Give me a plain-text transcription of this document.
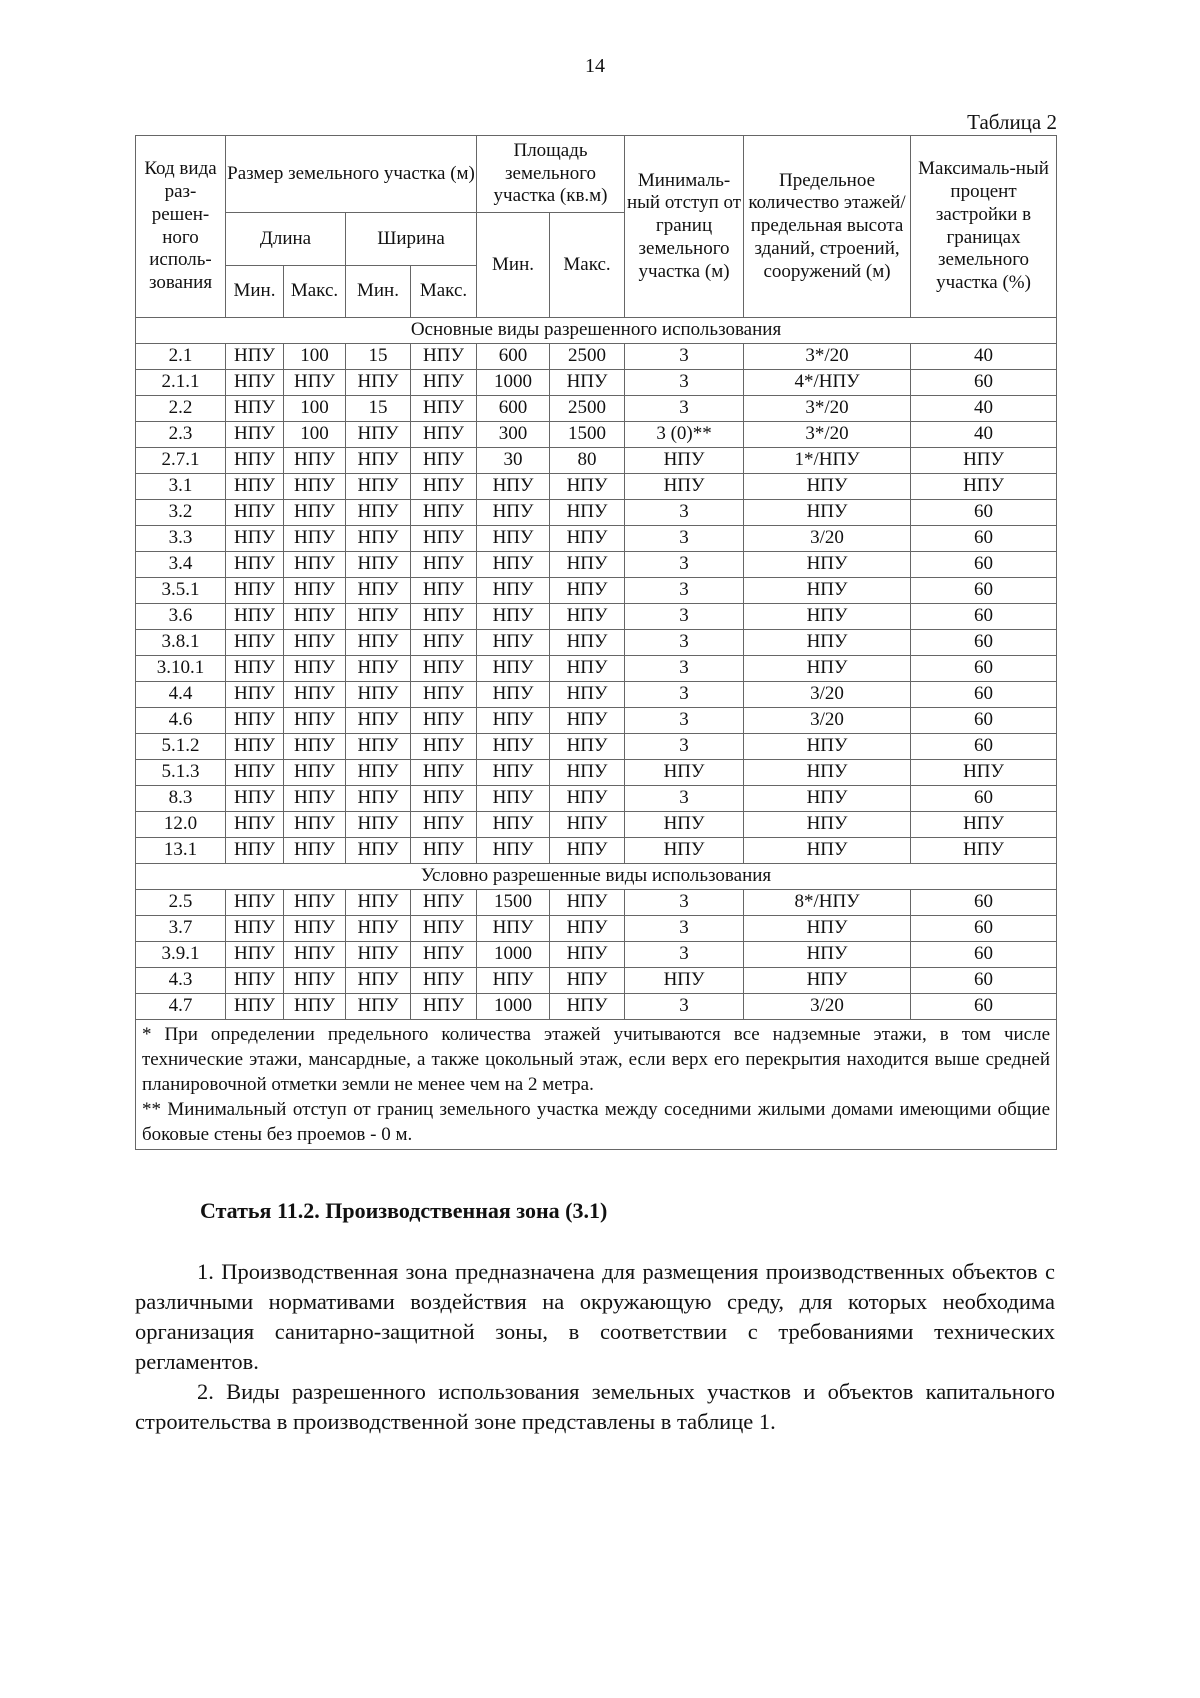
14
Таблица 2
Код вида раз-решен-ного исполь-зования	Размер земельного участка (м)				Площадь земельного участка (кв.м)		Минималь-ный отступ от границ земельного участка (м)	Предельное количество этажей/ предельная высота зданий, строений, сооружений (м)	Максималь-ный процент застройки в границах земельного участка (%)
	Длина		Ширина		Мин.	Макс.			
	Мин.	Макс.	Мин.	Макс.					
Основные виды разрешенного использования									
2.1	НПУ	100	15	НПУ	600	2500	3	3*/20	40
2.1.1	НПУ	НПУ	НПУ	НПУ	1000	НПУ	3	4*/НПУ	60
2.2	НПУ	100	15	НПУ	600	2500	3	3*/20	40
2.3	НПУ	100	НПУ	НПУ	300	1500	3 (0)**	3*/20	40
2.7.1	НПУ	НПУ	НПУ	НПУ	30	80	НПУ	1*/НПУ	НПУ
3.1	НПУ	НПУ	НПУ	НПУ	НПУ	НПУ	НПУ	НПУ	НПУ
3.2	НПУ	НПУ	НПУ	НПУ	НПУ	НПУ	3	НПУ	60
3.3	НПУ	НПУ	НПУ	НПУ	НПУ	НПУ	3	3/20	60
3.4	НПУ	НПУ	НПУ	НПУ	НПУ	НПУ	3	НПУ	60
3.5.1	НПУ	НПУ	НПУ	НПУ	НПУ	НПУ	3	НПУ	60
3.6	НПУ	НПУ	НПУ	НПУ	НПУ	НПУ	3	НПУ	60
3.8.1	НПУ	НПУ	НПУ	НПУ	НПУ	НПУ	3	НПУ	60
3.10.1	НПУ	НПУ	НПУ	НПУ	НПУ	НПУ	3	НПУ	60
4.4	НПУ	НПУ	НПУ	НПУ	НПУ	НПУ	3	3/20	60
4.6	НПУ	НПУ	НПУ	НПУ	НПУ	НПУ	3	3/20	60
5.1.2	НПУ	НПУ	НПУ	НПУ	НПУ	НПУ	3	НПУ	60
5.1.3	НПУ	НПУ	НПУ	НПУ	НПУ	НПУ	НПУ	НПУ	НПУ
8.3	НПУ	НПУ	НПУ	НПУ	НПУ	НПУ	3	НПУ	60
12.0	НПУ	НПУ	НПУ	НПУ	НПУ	НПУ	НПУ	НПУ	НПУ
13.1	НПУ	НПУ	НПУ	НПУ	НПУ	НПУ	НПУ	НПУ	НПУ
Условно разрешенные виды использования									
2.5	НПУ	НПУ	НПУ	НПУ	1500	НПУ	3	8*/НПУ	60
3.7	НПУ	НПУ	НПУ	НПУ	НПУ	НПУ	3	НПУ	60
3.9.1	НПУ	НПУ	НПУ	НПУ	1000	НПУ	3	НПУ	60
4.3	НПУ	НПУ	НПУ	НПУ	НПУ	НПУ	НПУ	НПУ	60
4.7	НПУ	НПУ	НПУ	НПУ	1000	НПУ	3	3/20	60

* При определении предельного количества этажей учитываются все надземные этажи, в том числе технические этажи, мансардные, а также цокольный этаж, если верх его перекрытия находится выше средней планировочной отметки земли не менее чем на 2 метра.
** Минимальный отступ от границ земельного участка между соседними жилыми домами имеющими общие боковые стены без проемов - 0 м.									
Статья 11.2. Производственная зона (3.1)
1. Производственная зона предназначена для размещения производственных объектов с различными нормативами воздействия на окружающую среду, для которых необходима организация санитарно-защитной зоны, в соответствии с требованиями технических регламентов.
2. Виды разрешенного использования земельных участков и объектов капитального строительства в производственной зоне представлены в таблице 1.
